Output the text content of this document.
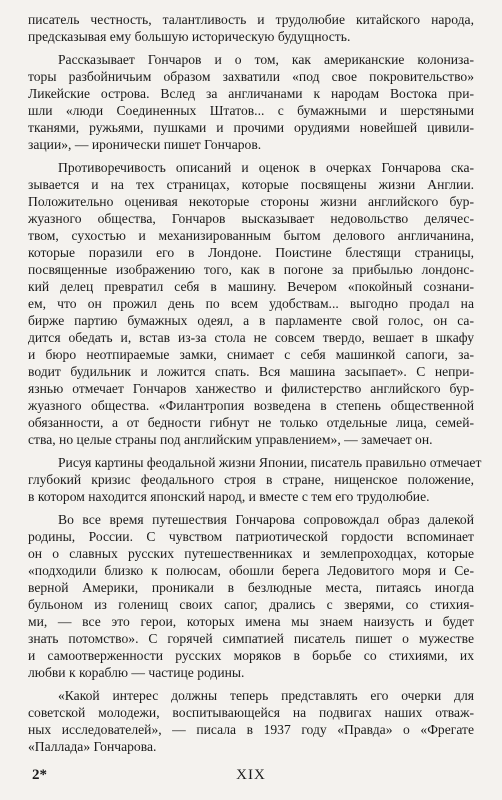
писатель честность, талантливость и трудолюбие китайского народа,
предсказывая ему большую историческую будущность.
Рассказывает Гончаров и о том, как американские колониза-
торы разбойничьим образом захватили «под свое покровительство»
Ликейские острова. Вслед за англичанами к народам Востока при-
шли «люди Соединенных Штатов... с бумажными и шерстяными
тканями, ружьями, пушками и прочими орудиями новейшей цивили-
зации», — иронически пишет Гончаров.
Противоречивость описаний и оценок в очерках Гончарова ска-
зывается и на тех страницах, которые посвящены жизни Англии.
Положительно оценивая некоторые стороны жизни английского бур-
жуазного общества, Гончаров высказывает недовольство делячес-
твом, сухостью и механизированным бытом делового англичанина,
которые поразили его в Лондоне. Поистине блестящи страницы,
посвященные изображению того, как в погоне за прибылью лондонс-
кий делец превратил себя в машину. Вечером «покойный сознани-
ем, что он прожил день по всем удобствам... выгодно продал на
бирже партию бумажных одеял, а в парламенте свой голос, он са-
дится обедать и, встав из-за стола не совсем твердо, вешает в шкафу
и бюро неотпираемые замки, снимает с себя машинкой сапоги, за-
водит будильник и ложится спать. Вся машина засыпает». С непри-
язнью отмечает Гончаров ханжество и филистерство английского бур-
жуазного общества. «Филантропия возведена в степень общественной
обязанности, а от бедности гибнут не только отдельные лица, семей-
ства, но целые страны под английским управлением», — замечает он.
Рисуя картины феодальной жизни Японии, писатель правильно отмечает
глубокий кризис феодального строя в стране, нищенское положение,
в котором находится японский народ, и вместе с тем его трудолюбие.
Во все время путешествия Гончарова сопровождал образ далекой
родины, России. С чувством патриотической гордости вспоминает
он о славных русских путешественниках и землепроходцах, которые
«подходили близко к полюсам, обошли берега Ледовитого моря и Се-
верной Америки, проникали в безлюдные места, питаясь иногда
бульоном из голенищ своих сапог, дрались с зверями, со стихия-
ми, — все это герои, которых имена мы знаем наизусть и будет
знать потомство». С горячей симпатией писатель пишет о мужестве
и самоотверженности русских моряков в борьбе со стихиями, их
любви к кораблю — частице родины.
«Какой интерес должны теперь представлять его очерки для
советской молодежи, воспитывающейся на подвигах наших отваж-
ных исследователей», — писала в 1937 году «Правда» о «Фрегате
«Паллада» Гончарова.
2*	XIX
